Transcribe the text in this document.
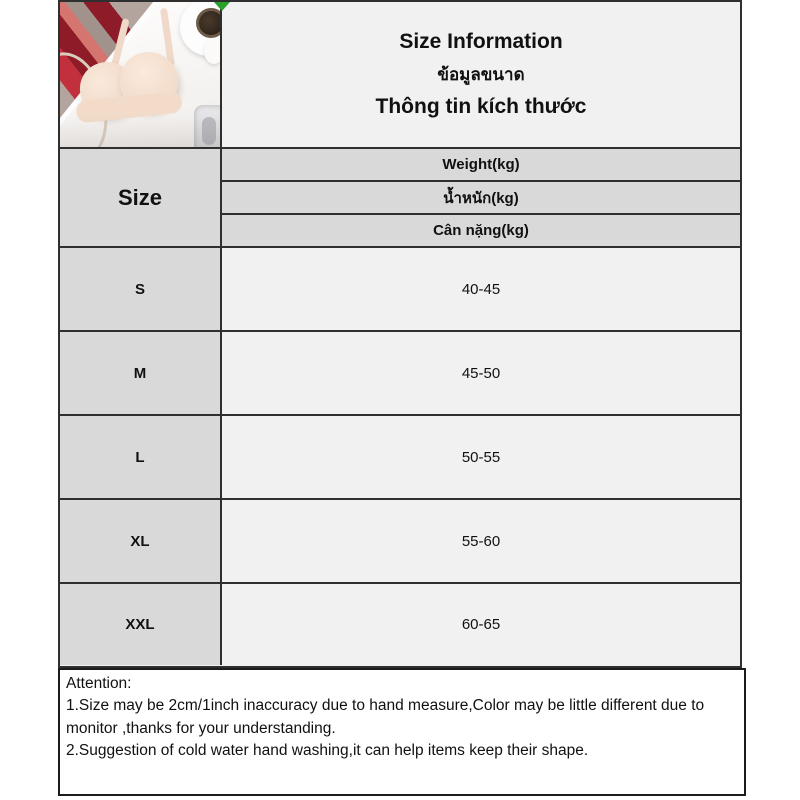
Size Information
ข้อมูลขนาด
Thông tin kích thước
Size
Weight(kg)
น้ำหนัก(kg)
Cân nặng(kg)
S	40-45
M	45-50
L	50-55
XL	55-60
XXL	60-65
Attention:
1.Size may be 2cm/1inch inaccuracy due to hand measure,Color may be little different due to monitor ,thanks for your understanding.
2.Suggestion of cold water hand washing,it can help items keep their shape.
